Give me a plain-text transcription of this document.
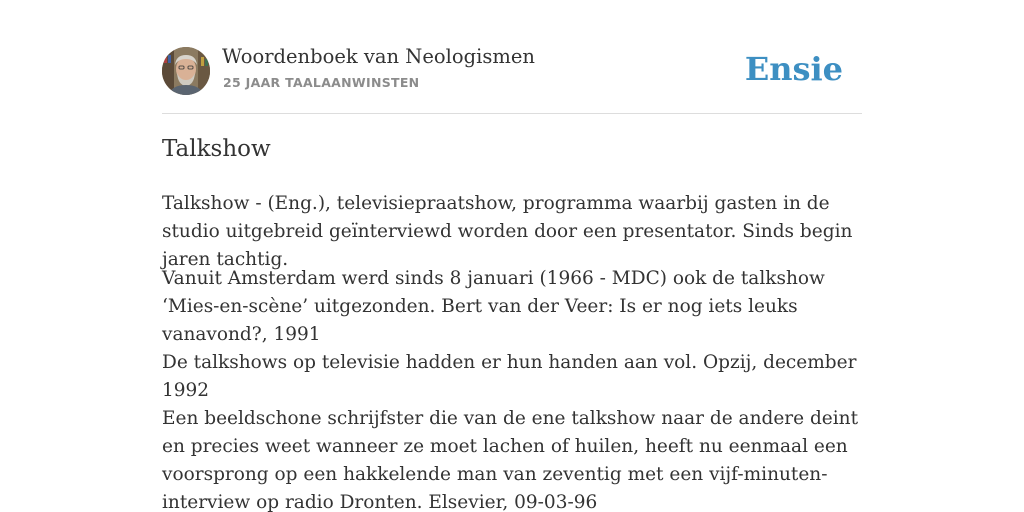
Woordenboek van Neologismen
25 JAAR TAALAANWINSTEN	Ensie
Talkshow

Talkshow - (Eng.), televisiepraatshow, programma waarbij gasten in de studio uitgebreid geïnterviewd worden door een presentator. Sinds begin jaren tachtig.

Vanuit Amsterdam werd sinds 8 januari (1966 - MDC) ook de talkshow ‘Mies-en-scène’ uitgezonden. Bert van der Veer: Is er nog iets leuks vanavond?, 1991

De talkshows op televisie hadden er hun handen aan vol. Opzij, december 1992

Een beeldschone schrijfster die van de ene talkshow naar de andere deint en precies weet wanneer ze moet lachen of huilen, heeft nu eenmaal een voorsprong op een hakkelende man van zeventig met een vijf-minuten-interview op radio Dronten. Elsevier, 09-03-96
